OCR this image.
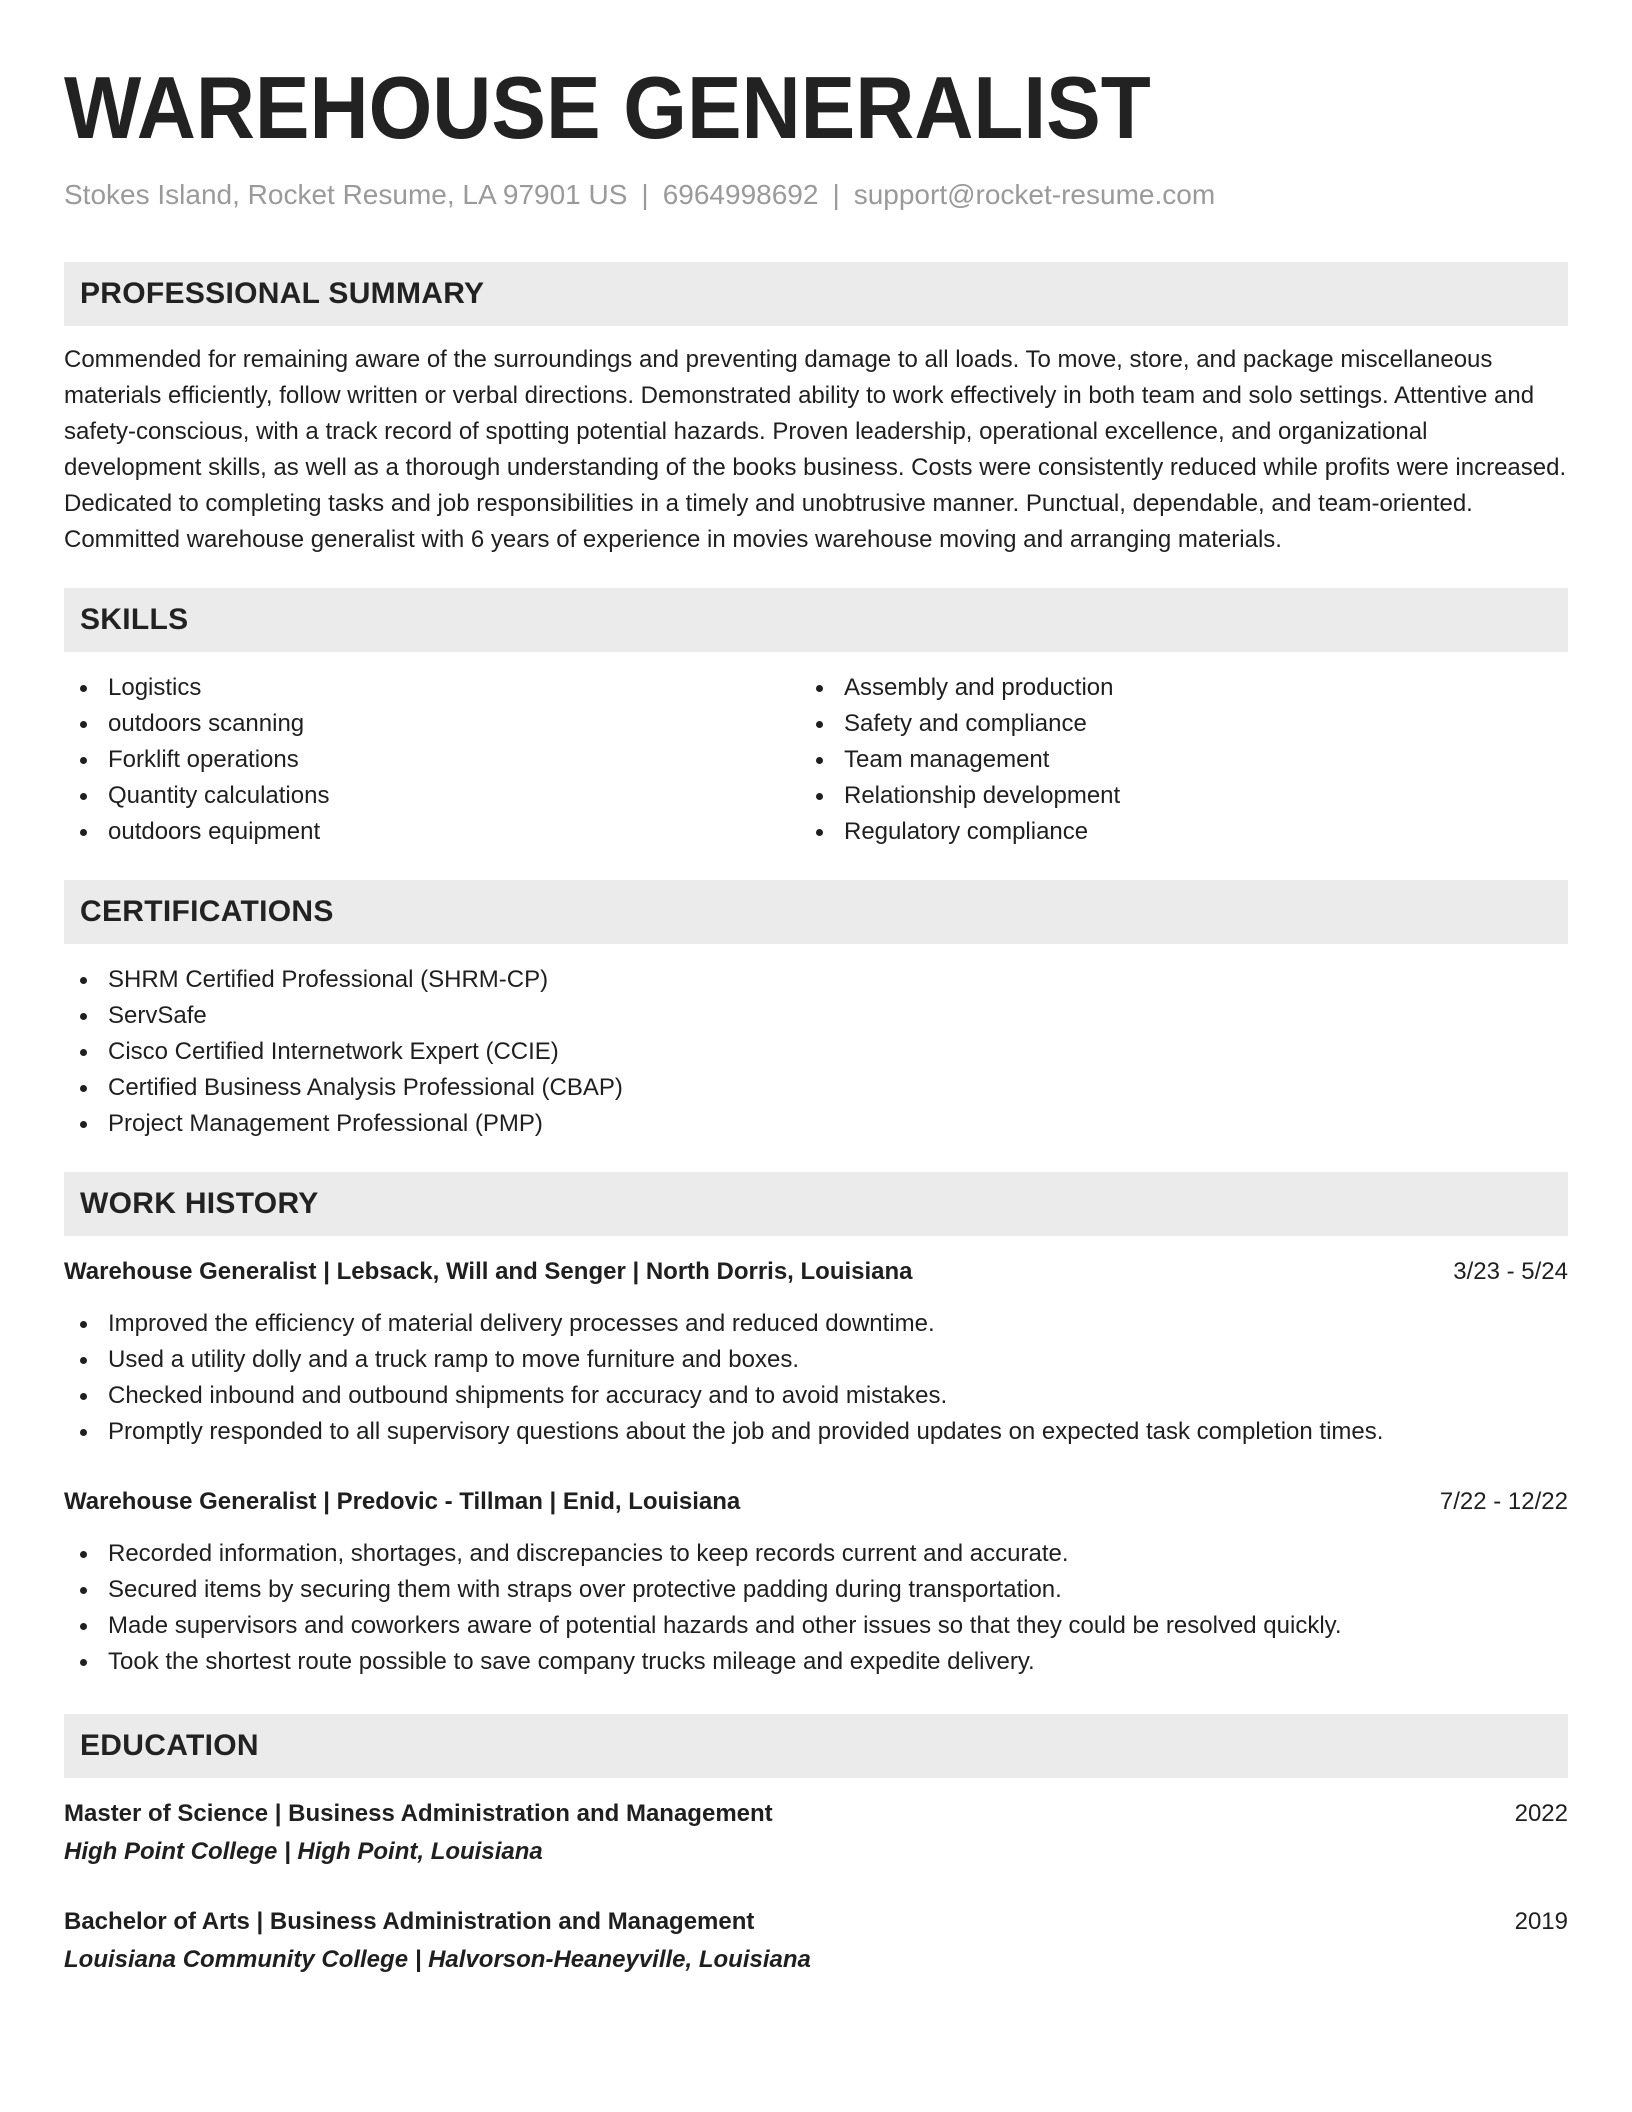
WAREHOUSE GENERALIST
Stokes Island, Rocket Resume, LA 97901 US | 6964998692 | support@rocket-resume.com
PROFESSIONAL SUMMARY
Commended for remaining aware of the surroundings and preventing damage to all loads. To move, store, and package miscellaneous materials efficiently, follow written or verbal directions. Demonstrated ability to work effectively in both team and solo settings. Attentive and safety-conscious, with a track record of spotting potential hazards. Proven leadership, operational excellence, and organizational development skills, as well as a thorough understanding of the books business. Costs were consistently reduced while profits were increased. Dedicated to completing tasks and job responsibilities in a timely and unobtrusive manner. Punctual, dependable, and team-oriented. Committed warehouse generalist with 6 years of experience in movies warehouse moving and arranging materials.
SKILLS
Logistics
outdoors scanning
Forklift operations
Quantity calculations
outdoors equipment
Assembly and production
Safety and compliance
Team management
Relationship development
Regulatory compliance
CERTIFICATIONS
SHRM Certified Professional (SHRM-CP)
ServSafe
Cisco Certified Internetwork Expert (CCIE)
Certified Business Analysis Professional (CBAP)
Project Management Professional (PMP)
WORK HISTORY
Warehouse Generalist | Lebsack, Will and Senger | North Dorris, Louisiana	3/23 - 5/24
Improved the efficiency of material delivery processes and reduced downtime.
Used a utility dolly and a truck ramp to move furniture and boxes.
Checked inbound and outbound shipments for accuracy and to avoid mistakes.
Promptly responded to all supervisory questions about the job and provided updates on expected task completion times.
Warehouse Generalist | Predovic - Tillman | Enid, Louisiana	7/22 - 12/22
Recorded information, shortages, and discrepancies to keep records current and accurate.
Secured items by securing them with straps over protective padding during transportation.
Made supervisors and coworkers aware of potential hazards and other issues so that they could be resolved quickly.
Took the shortest route possible to save company trucks mileage and expedite delivery.
EDUCATION
Master of Science | Business Administration and Management	2022
High Point College | High Point, Louisiana
Bachelor of Arts | Business Administration and Management	2019
Louisiana Community College | Halvorson-Heaneyville, Louisiana
